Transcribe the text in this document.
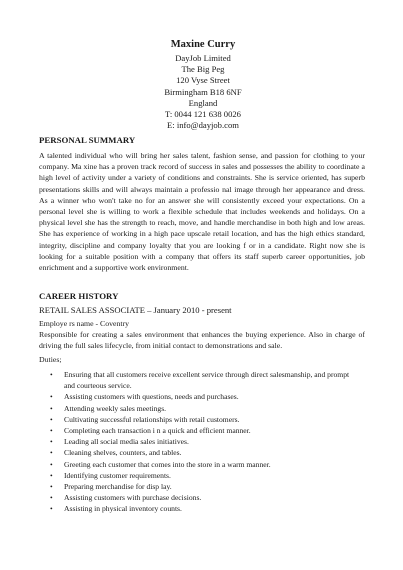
Maxine Curry
DayJob Limited
The Big Peg
120 Vyse Street
Birmingham B18 6NF
England
T: 0044 121 638 0026
E: info@dayjob.com
PERSONAL SUMMARY
A talented individual who will bring her sales talent, fashion sense, and passion for clothing to your company. Ma xine has a proven track record of success in sales and possesses the ability to coordinate a high level of activity under a variety of conditions and constraints. She is service oriented, has superb presentations skills and will always maintain a professio nal image through her appearance and dress. As a winner who won't take no for an answer she will consistently exceed your expectations. On a personal level she is willing to work a flexible schedule that includes weekends and holidays. On a physical level she has the strength to reach, move, and handle merchandise in both high and low areas. She has experience of working in a high pace upscale retail location, and has the high ethics standard, integrity, discipline and company loyalty that you are looking f or in a candidate. Right now she is looking for a suitable position with a company that offers its staff superb career opportunities, job enrichment and a supportive work environment.
CAREER HISTORY
RETAIL SALES ASSOCIATE – January 2010 - present
Employe rs name - Coventry
Responsible for creating a sales environment that enhances the buying experience. Also in charge of driving the full sales lifecycle, from initial contact to demonstrations and sale.
Duties;
• Ensuring that all customers receive excellent service through direct salesmanship, and prompt and courteous service.
• Assisting customers with questions, needs and purchases.
• Attending weekly sales meetings.
• Cultivating successful relationships with retail customers.
• Completing each transaction i n a quick and efficient manner.
• Leading all social media sales initiatives.
• Cleaning shelves, counters, and tables.
• Greeting each customer that comes into the store in a warm manner.
• Identifying customer requirements.
• Preparing merchandise for disp lay.
• Assisting customers with purchase decisions.
• Assisting in physical inventory counts.
